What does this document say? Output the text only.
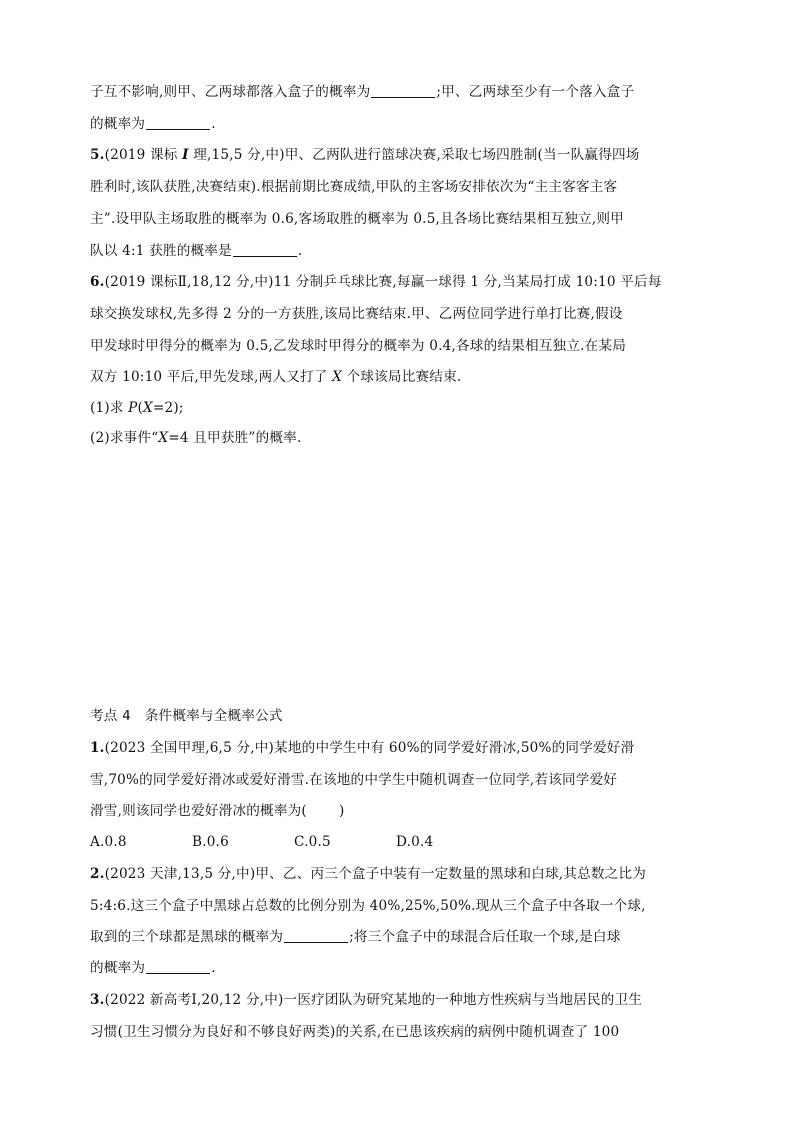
子互不影响,则甲、乙两球都落入盒子的概率为	;甲、乙两球至少有一个落入盒子
的概率为	.
5.(2019 课标 I 理,15,5 分,中)甲、乙两队进行篮球决赛,采取七场四胜制(当一队赢得四场
胜利时,该队获胜,决赛结束).根据前期比赛成绩,甲队的主客场安排依次为“主主客客主客
主”.设甲队主场取胜的概率为 0.6,客场取胜的概率为 0.5,且各场比赛结果相互独立,则甲
队以 4:1 获胜的概率是	.
6.(2019 课标Ⅱ,18,12 分,中)11 分制乒乓球比赛,每赢一球得 1 分,当某局打成 10:10 平后每
球交换发球权,先多得 2 分的一方获胜,该局比赛结束.甲、乙两位同学进行单打比赛,假设
甲发球时甲得分的概率为 0.5,乙发球时甲得分的概率为 0.4,各球的结果相互独立.在某局
双方 10:10 平后,甲先发球,两人又打了 X 个球该局比赛结束.
(1)求 P(X=2);
(2)求事件“X=4 且甲获胜”的概率.
考点 4　条件概率与全概率公式
1.(2023 全国甲理,6,5 分,中)某地的中学生中有 60%的同学爱好滑冰,50%的同学爱好滑
雪,70%的同学爱好滑冰或爱好滑雪.在该地的中学生中随机调查一位同学,若该同学爱好
滑雪,则该同学也爱好滑冰的概率为( )
A.0.8	B.0.6	C.0.5	D.0.4
2.(2023 天津,13,5 分,中)甲、乙、丙三个盒子中装有一定数量的黑球和白球,其总数之比为
5:4:6.这三个盒子中黑球占总数的比例分别为 40%,25%,50%.现从三个盒子中各取一个球,
取到的三个球都是黑球的概率为	;将三个盒子中的球混合后任取一个球,是白球
的概率为	.
3.(2022 新高考Ⅰ,20,12 分,中)一医疗团队为研究某地的一种地方性疾病与当地居民的卫生
习惯(卫生习惯分为良好和不够良好两类)的关系,在已患该疾病的病例中随机调查了 100
